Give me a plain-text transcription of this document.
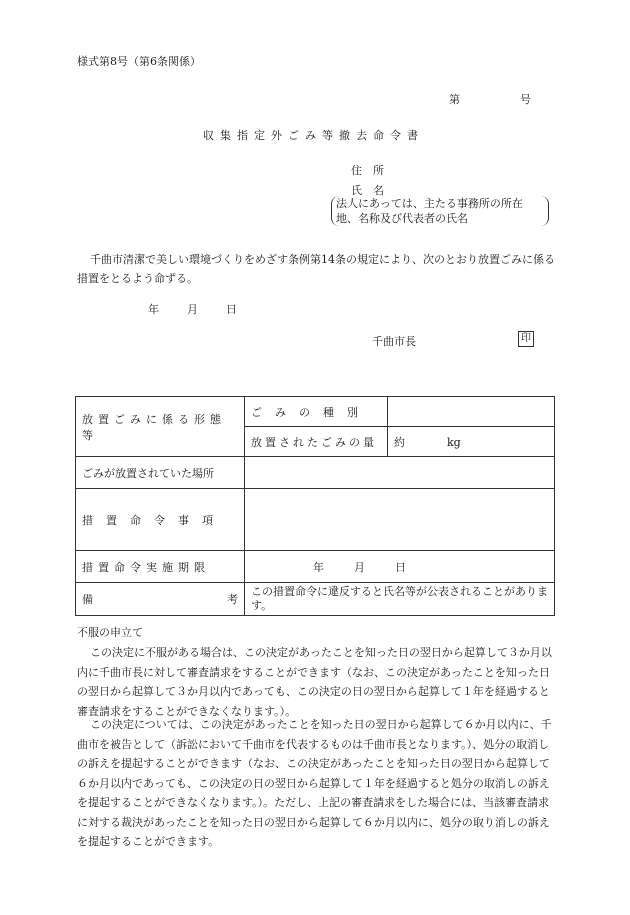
様式第8号（第6条関係）
第	号
収集指定外ごみ等撤去命令書
住　所
氏　名
法人にあっては、主たる事務所の所在地、名称及び代表者の氏名
千曲市清潔で美しい環境づくりをめざす条例第14条の規定により、次のとおり放置ごみに係る措置をとるよう命ずる。
年	月	日
千曲市長	印
放置ごみに係る形態等	ごみの種別	
	放置されたごみの量	約 kg
ごみが放置されていた場所		
措置命令事項		
措置命令実施期限	年 月 日	
備 考	この措置命令に違反すると氏名等が公表されることがあります。	
不服の申立て
この決定に不服がある場合は、この決定があったことを知った日の翌日から起算して３か月以内に千曲市長に対して審査請求をすることができます（なお、この決定があったことを知った日の翌日から起算して３か月以内であっても、この決定の日の翌日から起算して１年を経過すると審査請求をすることができなくなります。）。
この決定については、この決定があったことを知った日の翌日から起算して６か月以内に、千曲市を被告として（訴訟において千曲市を代表するものは千曲市長となります。）、処分の取消しの訴えを提起することができます（なお、この決定があったことを知った日の翌日から起算して６か月以内であっても、この決定の日の翌日から起算して１年を経過すると処分の取消しの訴えを提起することができなくなります。）。ただし、上記の審査請求をした場合には、当該審査請求に対する裁決があったことを知った日の翌日から起算して６か月以内に、処分の取り消しの訴えを提起することができます。
